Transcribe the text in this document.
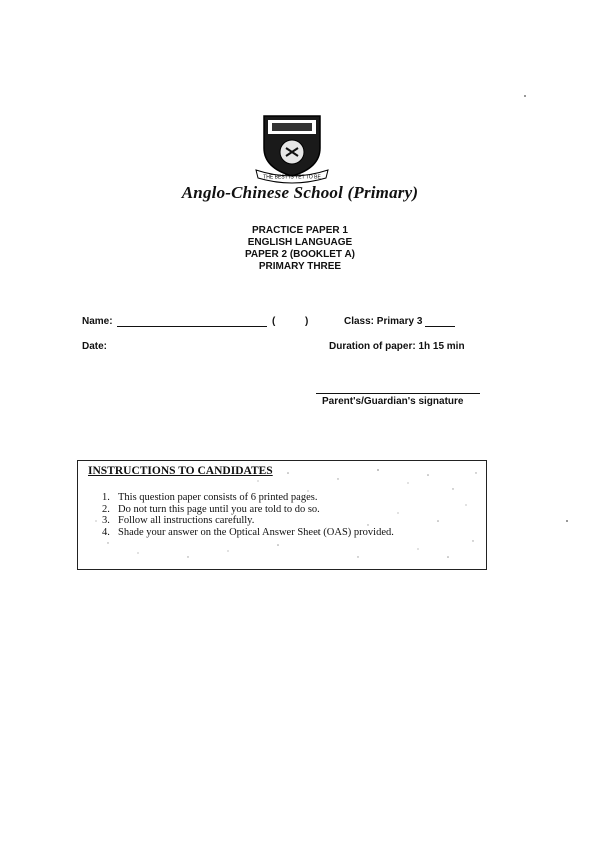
THE BEST IS YET TO BE
Anglo-Chinese School (Primary)
PRACTICE PAPER 1
ENGLISH LANGUAGE
PAPER 2 (BOOKLET A)
PRIMARY THREE
Name:	(	)	Class: Primary 3
Date:	Duration of paper: 1h 15 min
Parent's/Guardian's signature
INSTRUCTIONS TO CANDIDATES
1. This question paper consists of 6 printed pages.
2. Do not turn this page until you are told to do so.
3. Follow all instructions carefully.
4. Shade your answer on the Optical Answer Sheet (OAS) provided.
